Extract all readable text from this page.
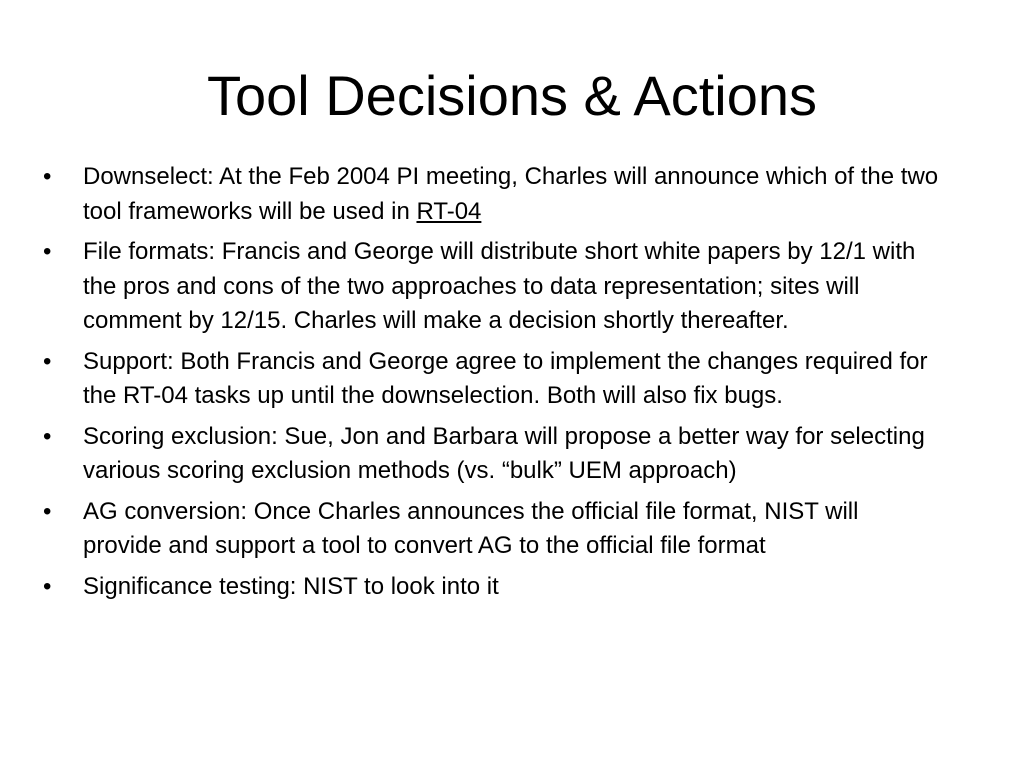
Tool Decisions & Actions
• Downselect: At the Feb 2004 PI meeting, Charles will announce which of the two tool frameworks will be used in RT-04
• File formats: Francis and George will distribute short white papers by 12/1 with the pros and cons of the two approaches to data representation; sites will comment by 12/15. Charles will make a decision shortly thereafter.
• Support: Both Francis and George agree to implement the changes required for the RT-04 tasks up until the downselection. Both will also fix bugs.
• Scoring exclusion: Sue, Jon and Barbara will propose a better way for selecting various scoring exclusion methods (vs. “bulk” UEM approach)
• AG conversion: Once Charles announces the official file format, NIST will provide and support a tool to convert AG to the official file format
• Significance testing: NIST to look into it
